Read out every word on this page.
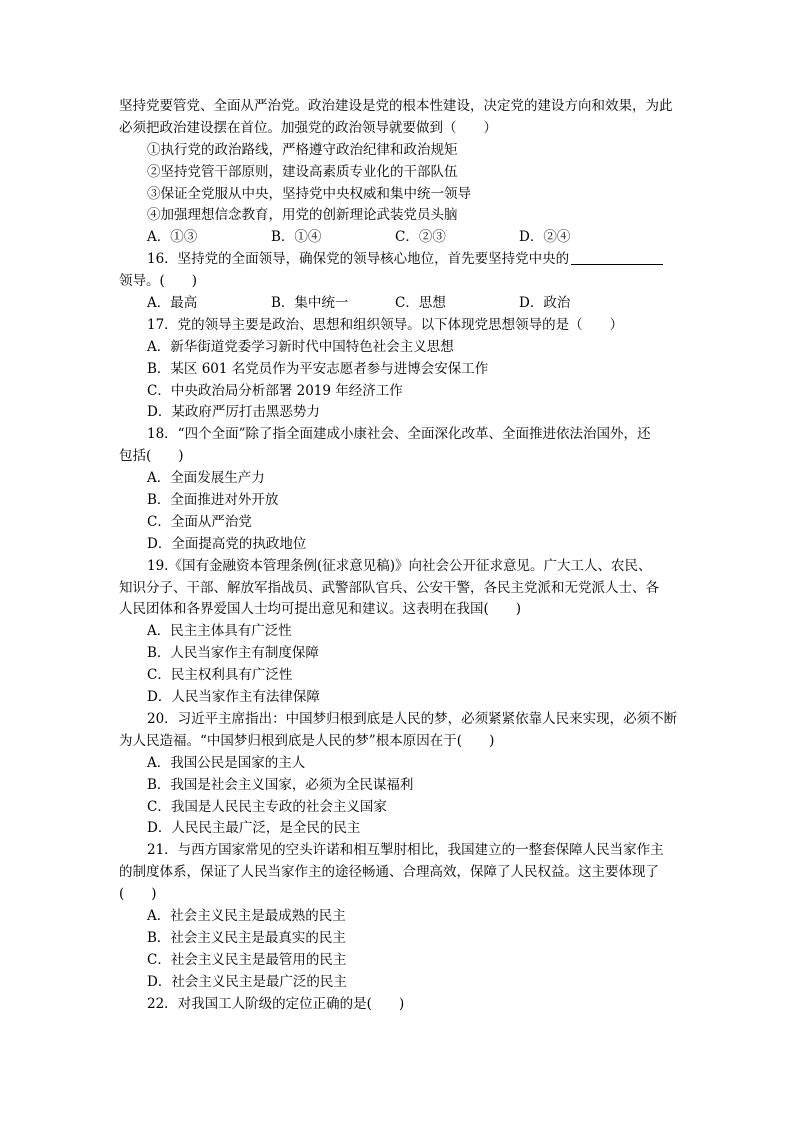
坚持党要管党、全面从严治党。政治建设是党的根本性建设，决定党的建设方向和效果，为此
必须把政治建设摆在首位。加强党的政治领导就要做到（　　）
①执行党的政治路线，严格遵守政治纪律和政治规矩
②坚持党管干部原则，建设高素质专业化的干部队伍
③保证全党服从中央，坚持党中央权威和集中统一领导
④加强理想信念教育，用党的创新理论武装党员头脑
A．①③	B．①④	C．②③	D．②④
16．坚持党的全面领导，确保党的领导核心地位，首先要坚持党中央的
领导。(　　)
A．最高	B．集中统一	C．思想	D．政治
17．党的领导主要是政治、思想和组织领导。以下体现党思想领导的是（　　）
A．新华街道党委学习新时代中国特色社会主义思想
B．某区 601 名党员作为平安志愿者参与进博会安保工作
C．中央政治局分析部署 2019 年经济工作
D．某政府严厉打击黑恶势力
18．“四个全面”除了指全面建成小康社会、全面深化改革、全面推进依法治国外，还
包括(　　)
A．全面发展生产力
B．全面推进对外开放
C．全面从严治党
D．全面提高党的执政地位
19.《国有金融资本管理条例(征求意见稿)》向社会公开征求意见。广大工人、农民、
知识分子、干部、解放军指战员、武警部队官兵、公安干警，各民主党派和无党派人士、各
人民团体和各界爱国人士均可提出意见和建议。这表明在我国(　　)
A．民主主体具有广泛性
B．人民当家作主有制度保障
C．民主权利具有广泛性
D．人民当家作主有法律保障
20．习近平主席指出：中国梦归根到底是人民的梦，必须紧紧依靠人民来实现，必须不断
为人民造福。“中国梦归根到底是人民的梦”根本原因在于(　　)
A．我国公民是国家的主人
B．我国是社会主义国家，必须为全民谋福利
C．我国是人民民主专政的社会主义国家
D．人民民主最广泛，是全民的民主
21．与西方国家常见的空头许诺和相互掣肘相比，我国建立的一整套保障人民当家作主
的制度体系，保证了人民当家作主的途径畅通、合理高效，保障了人民权益。这主要体现了
(　　)
A．社会主义民主是最成熟的民主
B．社会主义民主是最真实的民主
C．社会主义民主是最管用的民主
D．社会主义民主是最广泛的民主
22．对我国工人阶级的定位正确的是(　　)
